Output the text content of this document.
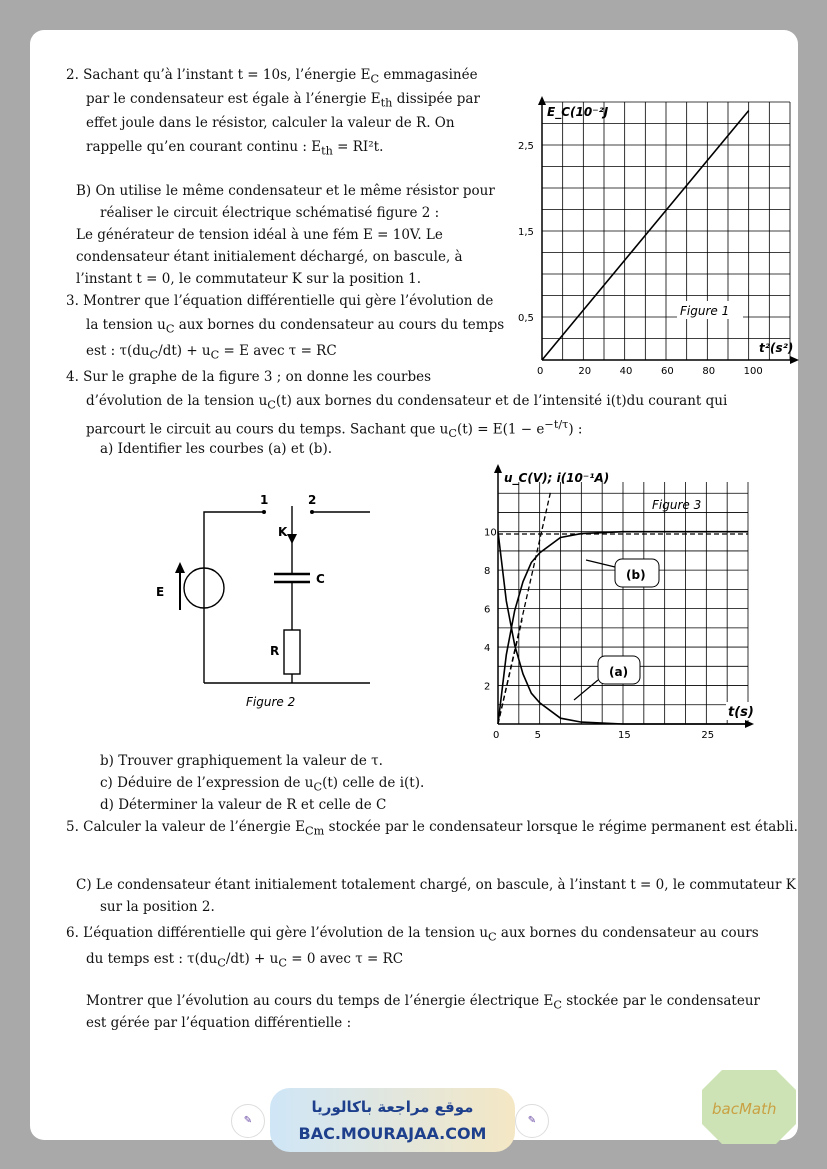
2. Sachant qu’à l’instant t = 10s, l’énergie $E_C$ emmagasinée
par le condensateur est égale à l’énergie $E_{th}$ dissipée par
effet joule dans le résistor, calculer la valeur de R. On
rappelle qu’en courant continu : $E_{th} = RI^2t$.
B) On utilise le même condensateur et le même résistor pour
réaliser le circuit électrique schématisé figure 2 :
Le générateur de tension idéal à une fém E = 10V. Le
condensateur étant initialement déchargé, on bascule, à
l’instant t = 0, le commutateur K sur la position 1.
3. Montrer que l’équation différentielle qui gère l’évolution de
la tension $u_C$ aux bornes du condensateur au cours du temps
est : $\tau(du_C/dt) + u_C = E$ avec τ = RC
4. Sur le graphe de la figure 3 ; on donne les courbes
d’évolution de la tension $u_C(t)$ aux bornes du condensateur et de l’intensité i(t)du courant qui
parcourt le circuit au cours du temps. Sachant que $u_C(t) = E(1 - e^{-t/\tau})$ :
a) Identifier les courbes (a) et (b).
b) Trouver graphiquement la valeur de τ.
c) Déduire de l’expression de $u_C(t)$ celle de i(t).
d) Déterminer la valeur de R et celle de C
5. Calculer la valeur de l’énergie $E_{Cm}$ stockée par le condensateur lorsque le régime permanent est établi.
C) Le condensateur étant initialement totalement chargé, on bascule, à l’instant t = 0, le commutateur K
sur la position 2.
6. L’équation différentielle qui gère l’évolution de la tension $u_C$ aux bornes du condensateur au cours
du temps est : $\tau(du_C/dt) + u_C = 0$ avec τ = RC
Montrer que l’évolution au cours du temps de l’énergie électrique $E_C$ stockée par le condensateur
est gérée par l’équation différentielle :
0,5
1,5
2,5
0	20	40	60	80	100
E_C(10⁻²J
t²(s²)
Figure 1
1	2
K
C
R
E
Figure 2
2
4
6
8
10
0	5	15	25
u_C(V); i(10⁻¹A)
t(s)
Figure 3
(b)
(a)
✎
موقع مراجعة باكالوريا
BAC.MOURAJAA.COM
✎
bacMath
